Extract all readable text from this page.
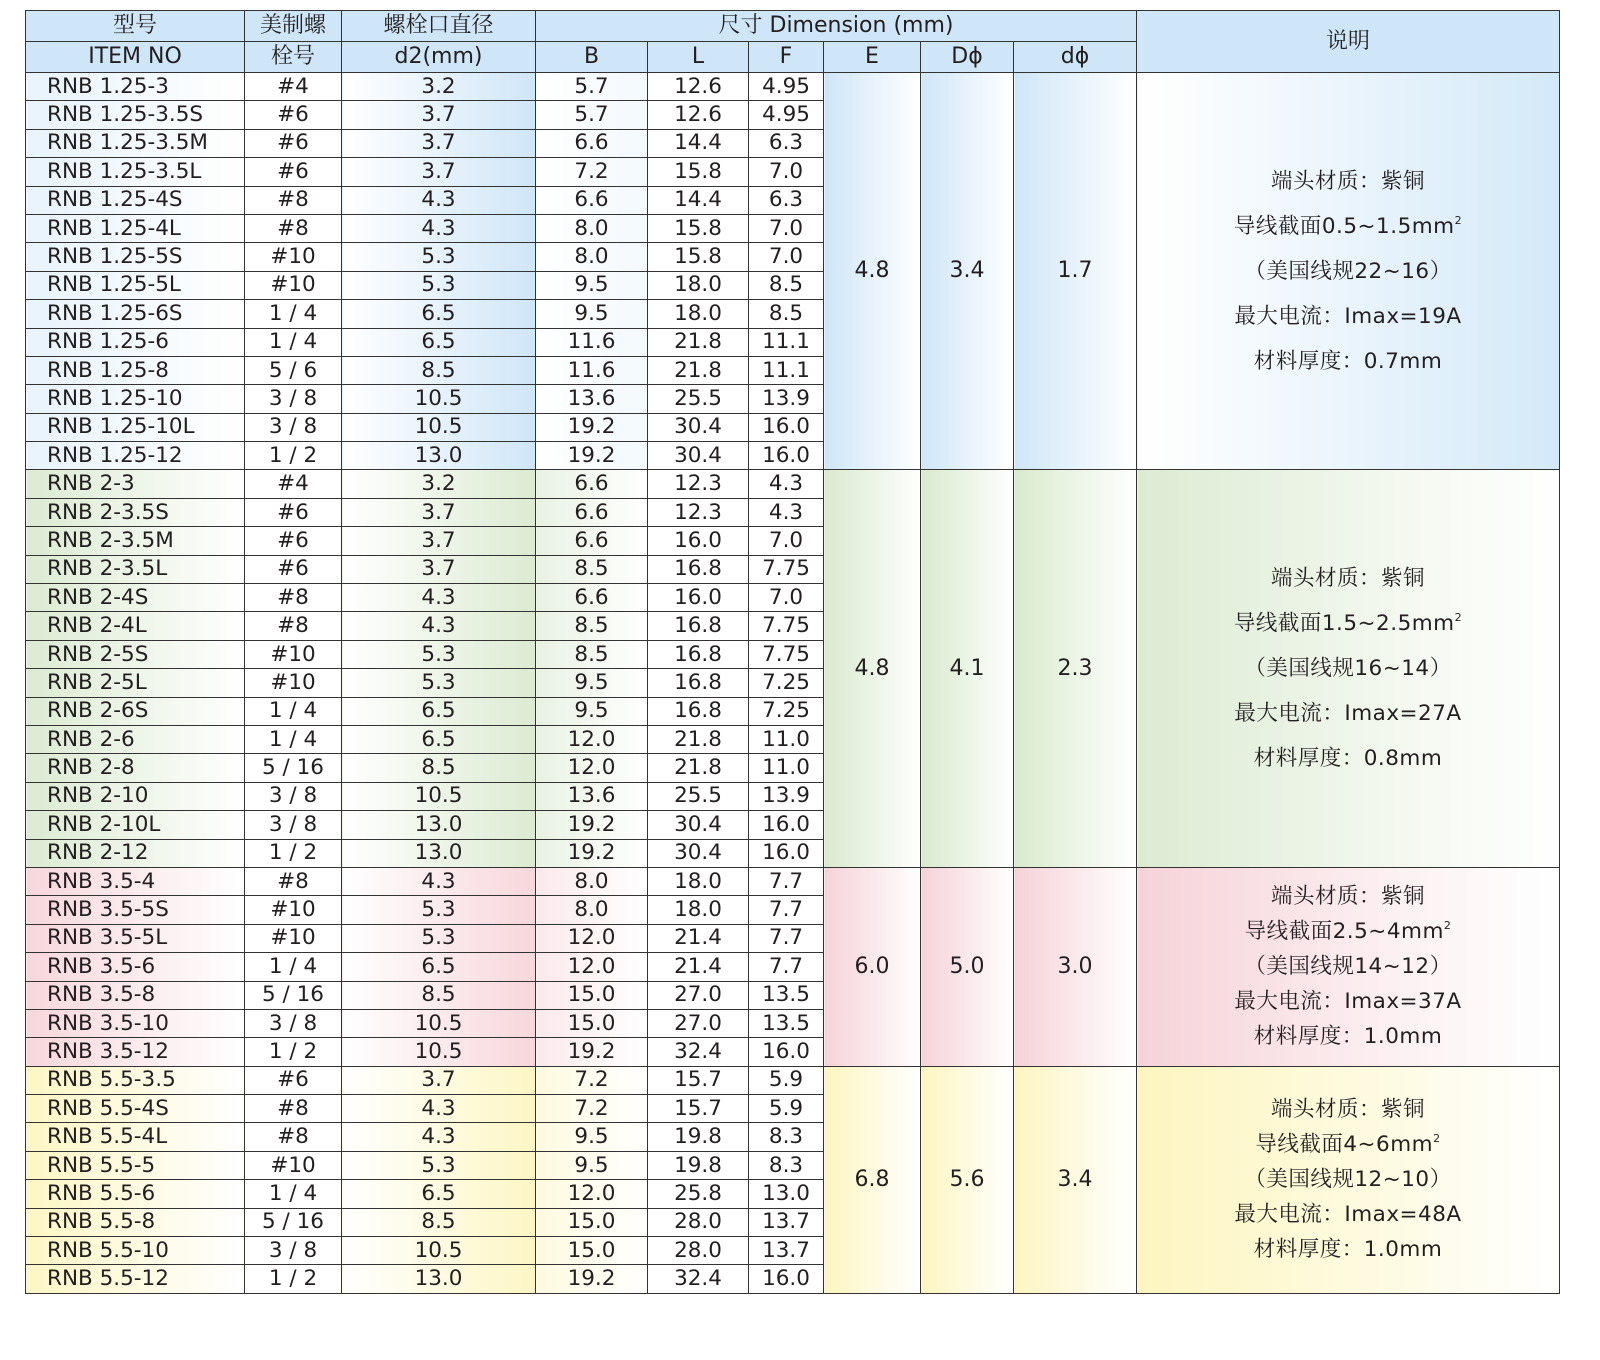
型号	美制螺	螺栓口直径	尺寸 Dimension (mm)						说明
ITEM NO	栓号	d2(mm)	B	L	F	E	Dϕ	dϕ	
RNB 1.25-3	#4	3.2	5.7	12.6	4.95	4.8	3.4	1.7	端头材质：紫铜
导线截面$0.5\sim 1.5mm^2$
（美国线规22~16）
最大电流：Imax=19A
材料厚度：0.7mm

RNB 1.25-3.5S	#6	3.7	5.7	12.6	4.95				
RNB 1.25-3.5M	#6	3.7	6.6	14.4	6.3				
RNB 1.25-3.5L	#6	3.7	7.2	15.8	7.0				
RNB 1.25-4S	#8	4.3	6.6	14.4	6.3				
RNB 1.25-4L	#8	4.3	8.0	15.8	7.0				
RNB 1.25-5S	#10	5.3	8.0	15.8	7.0				
RNB 1.25-5L	#10	5.3	9.5	18.0	8.5				
RNB 1.25-6S	1 / 4	6.5	9.5	18.0	8.5				
RNB 1.25-6	1 / 4	6.5	11.6	21.8	11.1				
RNB 1.25-8	5 / 6	8.5	11.6	21.8	11.1				
RNB 1.25-10	3 / 8	10.5	13.6	25.5	13.9				
RNB 1.25-10L	3 / 8	10.5	19.2	30.4	16.0				
RNB 1.25-12	1 / 2	13.0	19.2	30.4	16.0				
RNB 2-3	#4	3.2	6.6	12.3	4.3	4.8	4.1	2.3	端头材质：紫铜
导线截面$1.5\sim 2.5mm^2$
（美国线规16~14）
最大电流：Imax=27A
材料厚度：0.8mm

RNB 2-3.5S	#6	3.7	6.6	12.3	4.3				
RNB 2-3.5M	#6	3.7	6.6	16.0	7.0				
RNB 2-3.5L	#6	3.7	8.5	16.8	7.75				
RNB 2-4S	#8	4.3	6.6	16.0	7.0				
RNB 2-4L	#8	4.3	8.5	16.8	7.75				
RNB 2-5S	#10	5.3	8.5	16.8	7.75				
RNB 2-5L	#10	5.3	9.5	16.8	7.25				
RNB 2-6S	1 / 4	6.5	9.5	16.8	7.25				
RNB 2-6	1 / 4	6.5	12.0	21.8	11.0				
RNB 2-8	5 / 16	8.5	12.0	21.8	11.0				
RNB 2-10	3 / 8	10.5	13.6	25.5	13.9				
RNB 2-10L	3 / 8	13.0	19.2	30.4	16.0				
RNB 2-12	1 / 2	13.0	19.2	30.4	16.0				
RNB 3.5-4	#8	4.3	8.0	18.0	7.7	6.0	5.0	3.0	端头材质：紫铜
导线截面$2.5\sim 4mm^2$
（美国线规14~12）
最大电流：Imax=37A
材料厚度：1.0mm

RNB 3.5-5S	#10	5.3	8.0	18.0	7.7				
RNB 3.5-5L	#10	5.3	12.0	21.4	7.7				
RNB 3.5-6	1 / 4	6.5	12.0	21.4	7.7				
RNB 3.5-8	5 / 16	8.5	15.0	27.0	13.5				
RNB 3.5-10	3 / 8	10.5	15.0	27.0	13.5				
RNB 3.5-12	1 / 2	10.5	19.2	32.4	16.0				
RNB 5.5-3.5	#6	3.7	7.2	15.7	5.9	6.8	5.6	3.4	端头材质：紫铜
导线截面$4\sim 6mm^2$
（美国线规12~10）
最大电流：Imax=48A
材料厚度：1.0mm

RNB 5.5-4S	#8	4.3	7.2	15.7	5.9				
RNB 5.5-4L	#8	4.3	9.5	19.8	8.3				
RNB 5.5-5	#10	5.3	9.5	19.8	8.3				
RNB 5.5-6	1 / 4	6.5	12.0	25.8	13.0				
RNB 5.5-8	5 / 16	8.5	15.0	28.0	13.7				
RNB 5.5-10	3 / 8	10.5	15.0	28.0	13.7				
RNB 5.5-12	1 / 2	13.0	19.2	32.4	16.0				
